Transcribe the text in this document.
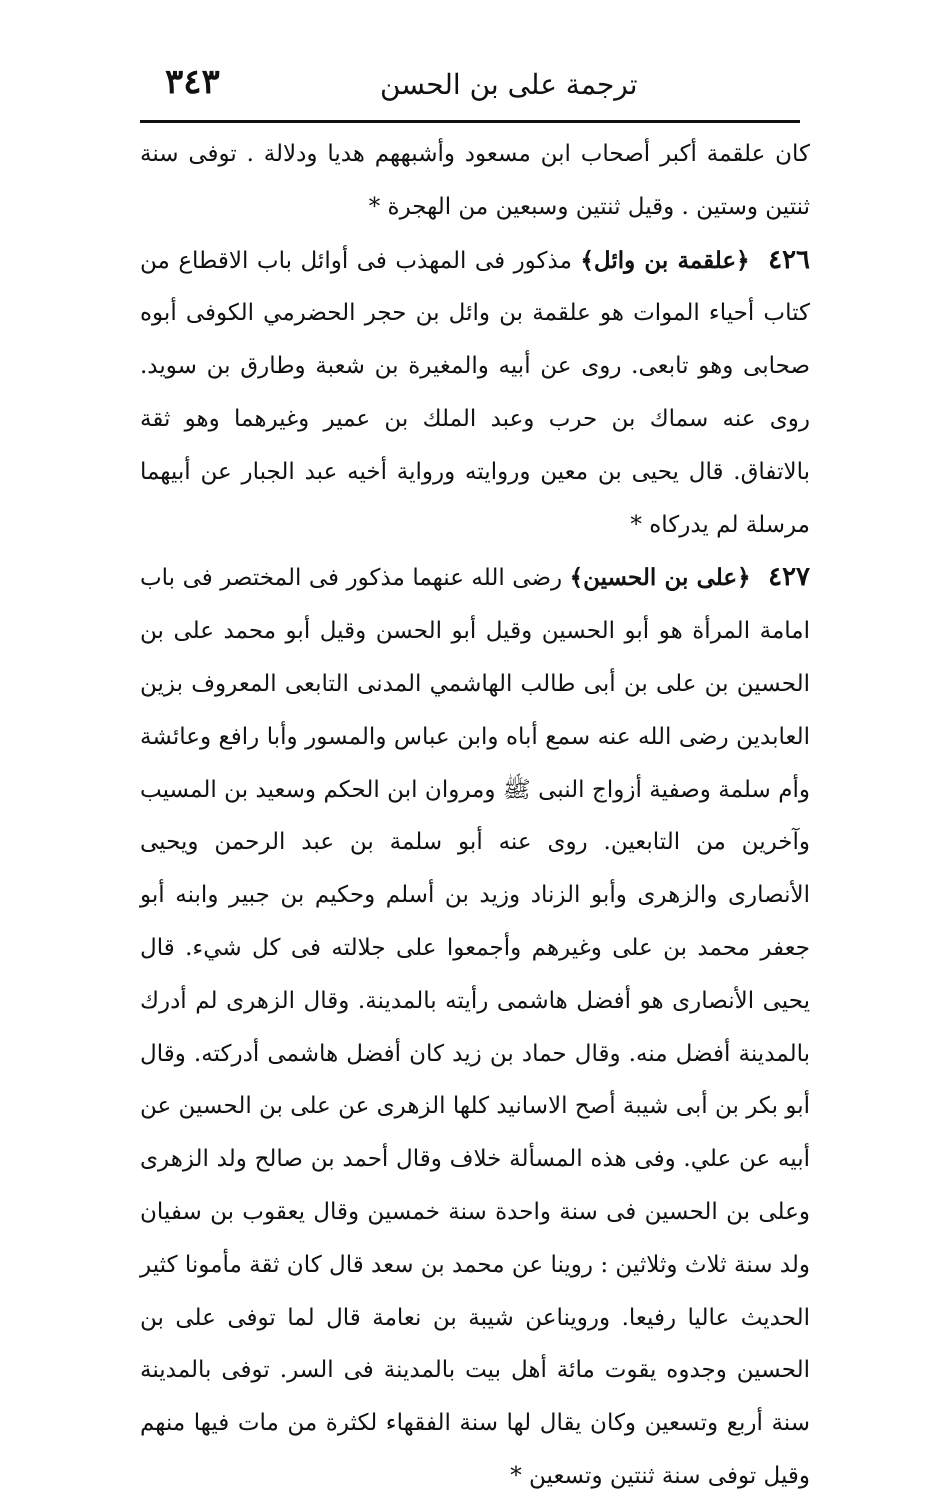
٣٤٣	ترجمة على بن الحسن

كان علقمة أكبر أصحاب ابن مسعود وأشبههم هديا ودلالة . توفى سنة ثنتين وستين . وقيل ثنتين وسبعين من الهجرة *

٤٢٦ ﴿علقمة بن وائل﴾ مذكور فى المهذب فى أوائل باب الاقطاع من كتاب أحياء الموات هو علقمة بن وائل بن حجر الحضرمي الكوفى أبوه صحابى وهو تابعى. روى عن أبيه والمغيرة بن شعبة وطارق بن سويد. روى عنه سماك بن حرب وعبد الملك بن عمير وغيرهما وهو ثقة بالاتفاق. قال يحيى بن معين وروايته ورواية أخيه عبد الجبار عن أبيهما مرسلة لم يدركاه *

٤٢٧ ﴿على بن الحسين﴾ رضى الله عنهما مذكور فى المختصر فى باب امامة المرأة هو أبو الحسين وقيل أبو الحسن وقيل أبو محمد على بن الحسين بن على بن أبى طالب الهاشمي المدنى التابعى المعروف بزين العابدين رضى الله عنه سمع أباه وابن عباس والمسور وأبا رافع وعائشة وأم سلمة وصفية أزواج النبى ﷺ ومروان ابن الحكم وسعيد بن المسيب وآخرين من التابعين. روى عنه أبو سلمة بن عبد الرحمن ويحيى الأنصارى والزهرى وأبو الزناد وزيد بن أسلم وحكيم بن جبير وابنه أبو جعفر محمد بن على وغيرهم وأجمعوا على جلالته فى كل شيء. قال يحيى الأنصارى هو أفضل هاشمى رأيته بالمدينة. وقال الزهرى لم أدرك بالمدينة أفضل منه. وقال حماد بن زيد كان أفضل هاشمى أدركته. وقال أبو بكر بن أبى شيبة أصح الاسانيد كلها الزهرى عن على بن الحسين عن أبيه عن علي. وفى هذه المسألة خلاف وقال أحمد بن صالح ولد الزهرى وعلى بن الحسين فى سنة واحدة سنة خمسين وقال يعقوب بن سفيان ولد سنة ثلاث وثلاثين : روينا عن محمد بن سعد قال كان ثقة مأمونا كثير الحديث عاليا رفيعا. ورويناعن شيبة بن نعامة قال لما توفى على بن الحسين وجدوه يقوت مائة أهل بيت بالمدينة فى السر. توفى بالمدينة سنة أربع وتسعين وكان يقال لها سنة الفقهاء لكثرة من مات فيها منهم وقيل توفى سنة ثنتين وتسعين *
